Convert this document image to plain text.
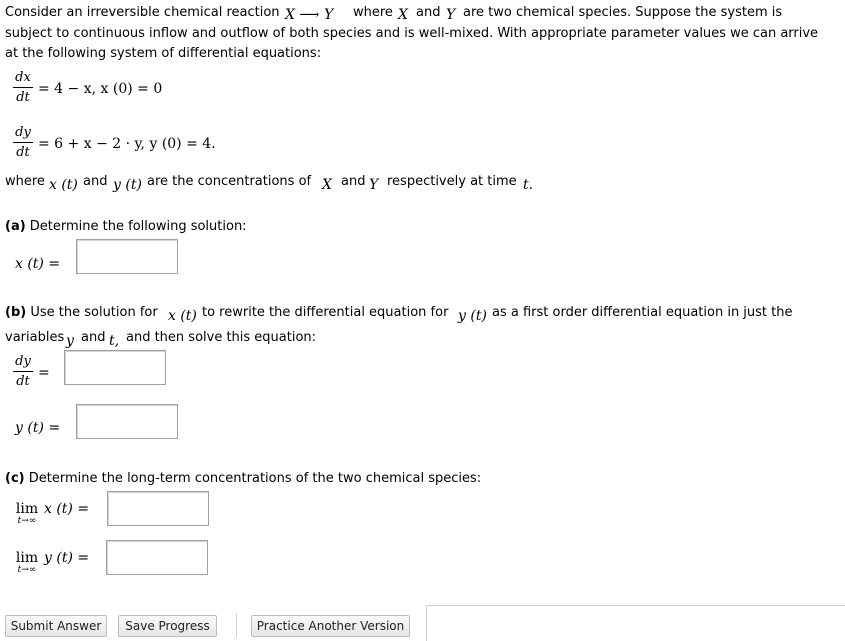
Consider an irreversible chemical reaction X ⟶ Y where X and Y are two chemical species. Suppose the system is
subject to continuous inflow and outflow of both species and is well-mixed. With appropriate parameter values we can arrive
at the following system of differential equations:
dx
dt
= 4 − x, x (0) = 0
dy
dt
= 6 + x − 2 · y, y (0) = 4.
where x (t) and y (t) are the concentrations of X and Y respectively at time t.
(a) Determine the following solution:
x (t) =
(b) Use the solution for x (t) to rewrite the differential equation for y (t) as a first order differential equation in just the
variables y and t, and then solve this equation:
dy
dt
=
y (t) =
(c) Determine the long-term concentrations of the two chemical species:
lim
t→∞
x (t) =
lim
t→∞
y (t) =
Submit Answer	Save Progress	Practice Another Version
